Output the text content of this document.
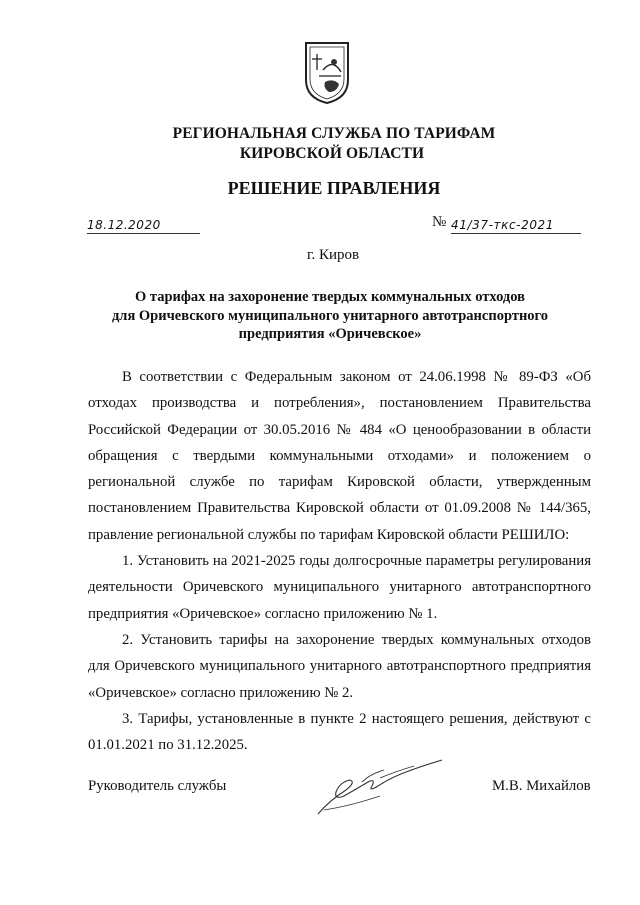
РЕГИОНАЛЬНАЯ СЛУЖБА ПО ТАРИФАМ
КИРОВСКОЙ ОБЛАСТИ
РЕШЕНИЕ ПРАВЛЕНИЯ
18.12.2020	№ 41/37-ткс-2021
г. Киров
О тарифах на захоронение твердых коммунальных отходов
для Оричевского муниципального унитарного автотранспортного
предприятия «Оричевское»

В соответствии с Федеральным законом от 24.06.1998 № 89-ФЗ «Об отходах производства и потребления», постановлением Правительства Российской Федерации от 30.05.2016 № 484 «О ценообразовании в области обращения с твердыми коммунальными отходами» и положением о региональной службе по тарифам Кировской области, утвержденным постановлением Правительства Кировской области от 01.09.2008 № 144/365, правление региональной службы по тарифам Кировской области РЕШИЛО:

1. Установить на 2021-2025 годы долгосрочные параметры регулирования деятельности Оричевского муниципального унитарного автотранспортного предприятия «Оричевское» согласно приложению № 1.

2. Установить тарифы на захоронение твердых коммунальных отходов для Оричевского муниципального унитарного автотранспортного предприятия «Оричевское» согласно приложению № 2.

3. Тарифы, установленные в пункте 2 настоящего решения, действуют с 01.01.2021 по 31.12.2025.

Руководитель службы	М.В. Михайлов
